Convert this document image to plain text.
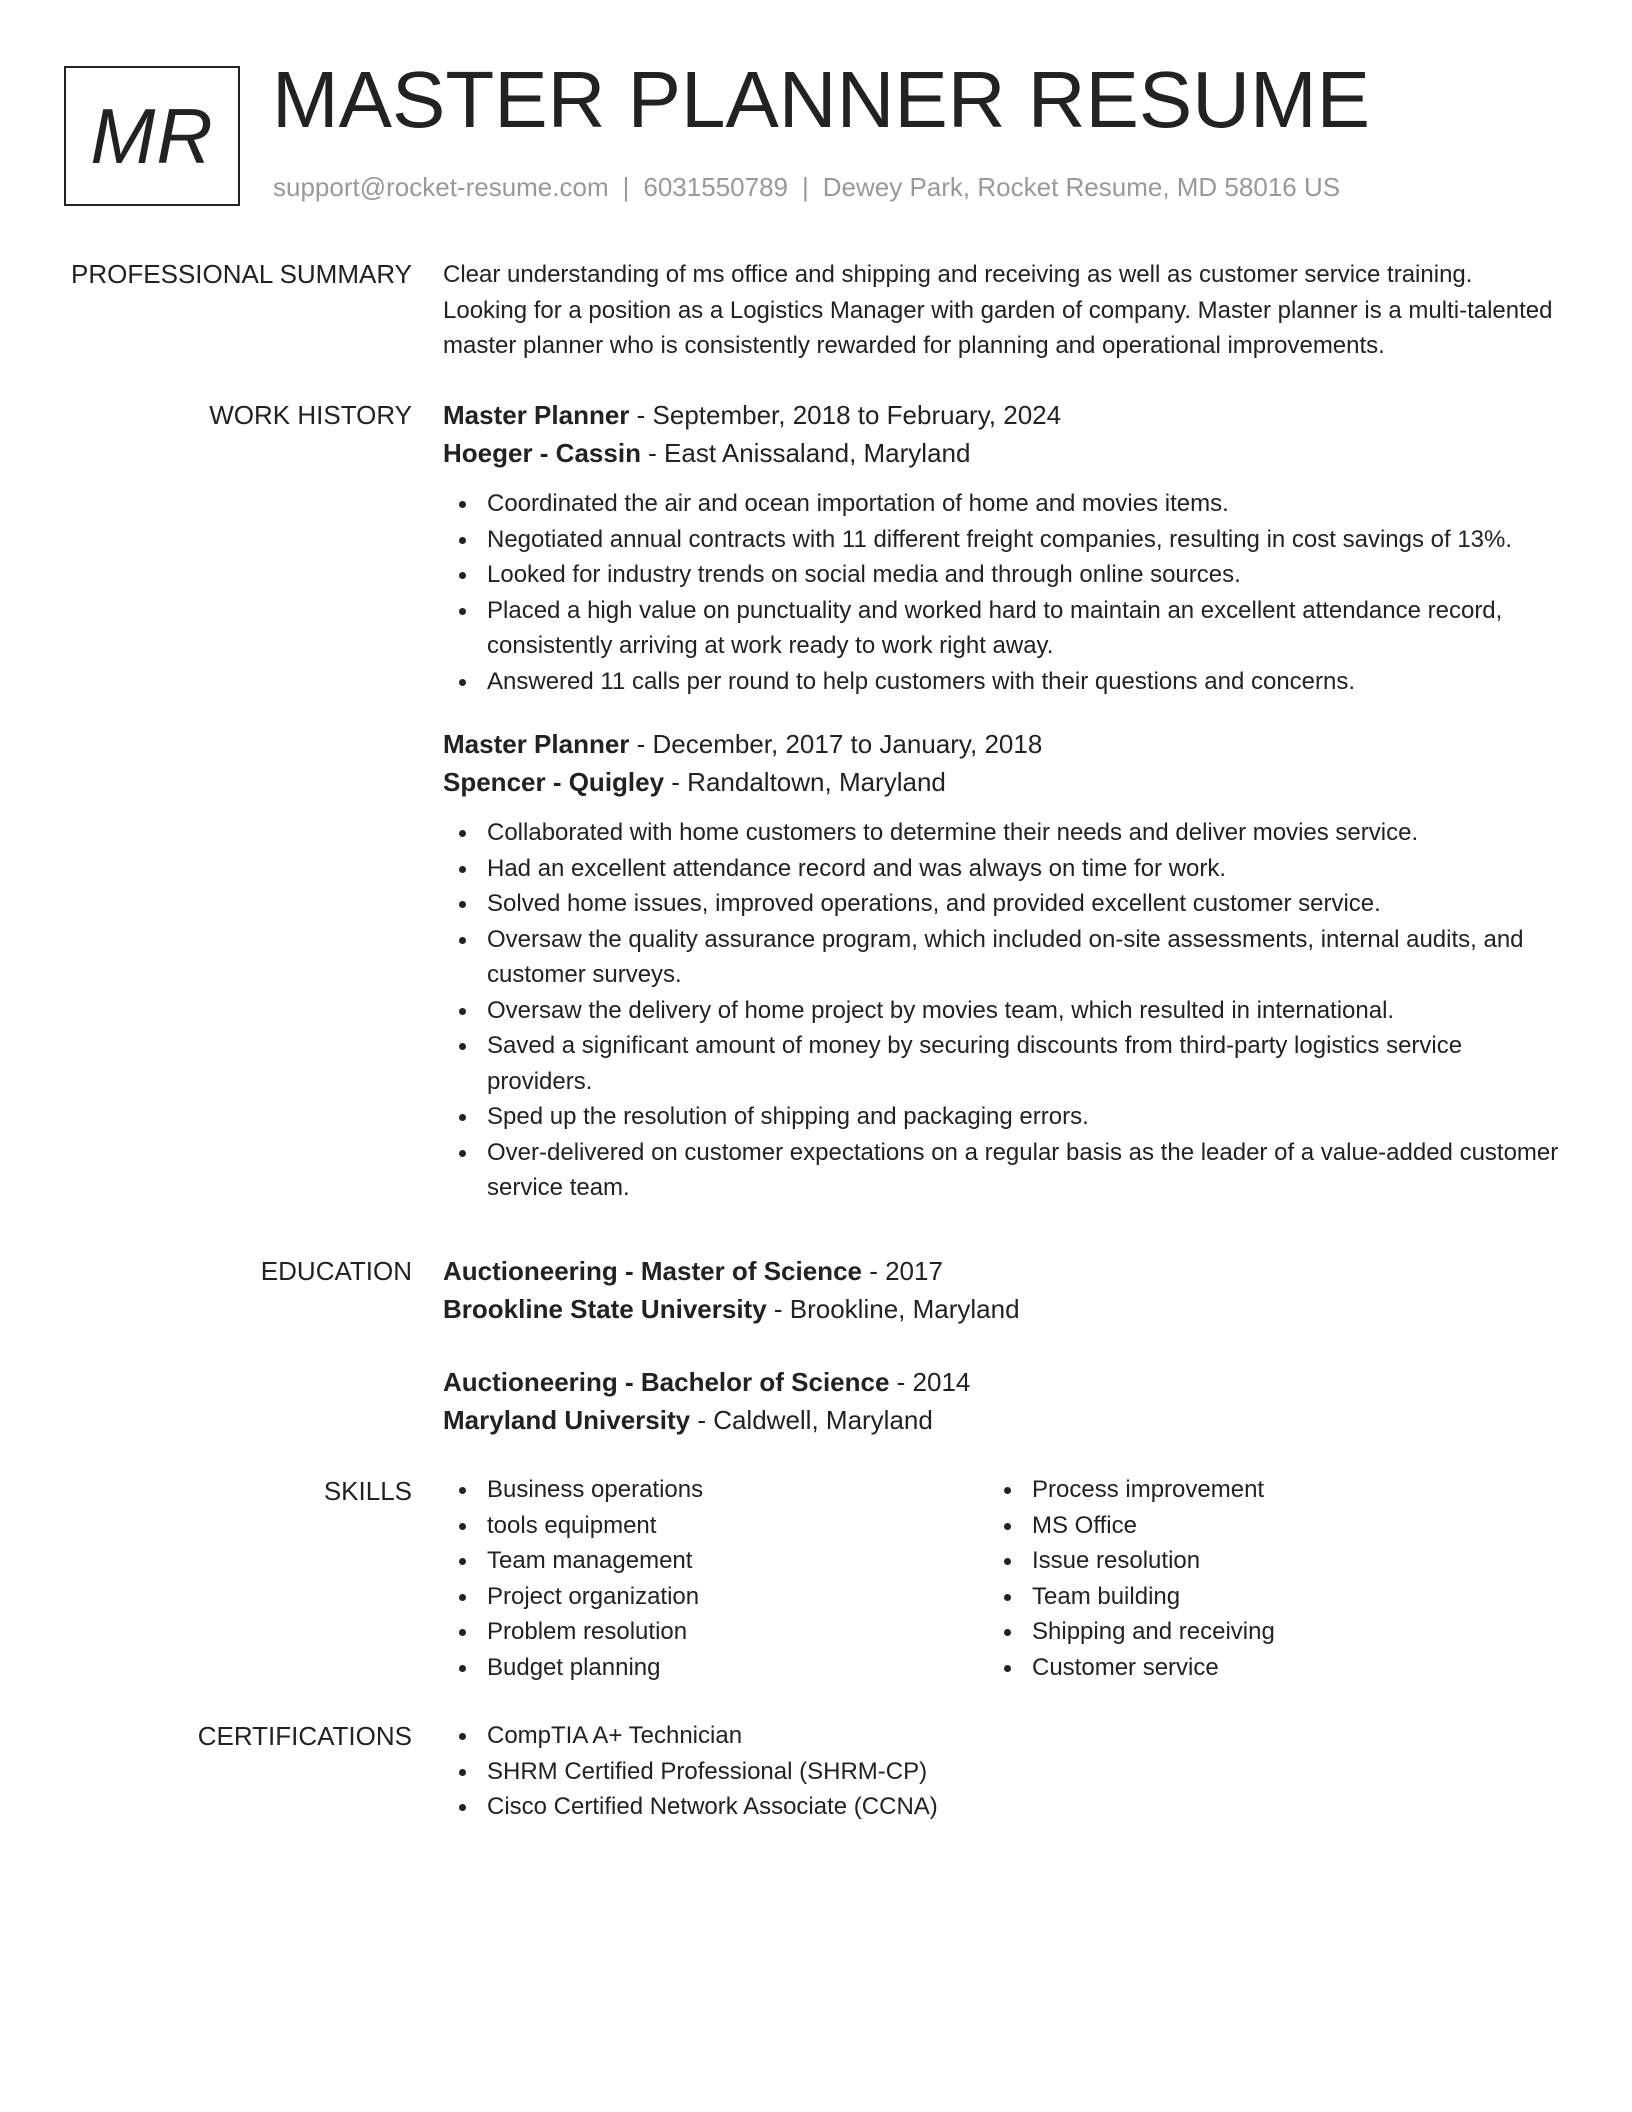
MR MASTER PLANNER RESUME
support@rocket-resume.com | 6031550789 | Dewey Park, Rocket Resume, MD 58016 US
PROFESSIONAL SUMMARY Clear understanding of ms office and shipping and receiving as well as customer service training. Looking for a position as a Logistics Manager with garden of company. Master planner is a multi-talented master planner who is consistently rewarded for planning and operational improvements.

WORK HISTORY Master Planner - September, 2018 to February, 2024
Hoeger - Cassin - East Anissaland, Maryland
Coordinated the air and ocean importation of home and movies items.
Negotiated annual contracts with 11 different freight companies, resulting in cost savings of 13%.
Looked for industry trends on social media and through online sources.
Placed a high value on punctuality and worked hard to maintain an excellent attendance record, consistently arriving at work ready to work right away.
Answered 11 calls per round to help customers with their questions and concerns.
Master Planner - December, 2017 to January, 2018
Spencer - Quigley - Randaltown, Maryland
Collaborated with home customers to determine their needs and deliver movies service.
Had an excellent attendance record and was always on time for work.
Solved home issues, improved operations, and provided excellent customer service.
Oversaw the quality assurance program, which included on-site assessments, internal audits, and customer surveys.
Oversaw the delivery of home project by movies team, which resulted in international.
Saved a significant amount of money by securing discounts from third-party logistics service providers.
Sped up the resolution of shipping and packaging errors.
Over-delivered on customer expectations on a regular basis as the leader of a value-added customer service team.
EDUCATION Auctioneering - Master of Science - 2017
Brookline State University - Brookline, Maryland
Auctioneering - Bachelor of Science - 2014
Maryland University - Caldwell, Maryland
SKILLS	Business operations
tools equipment
Team management
Project organization
Problem resolution
Budget planning
Process improvement
MS Office
Issue resolution
Team building
Shipping and receiving
Customer service
CERTIFICATIONS	CompTIA A+ Technician
SHRM Certified Professional (SHRM-CP)
Cisco Certified Network Associate (CCNA)
